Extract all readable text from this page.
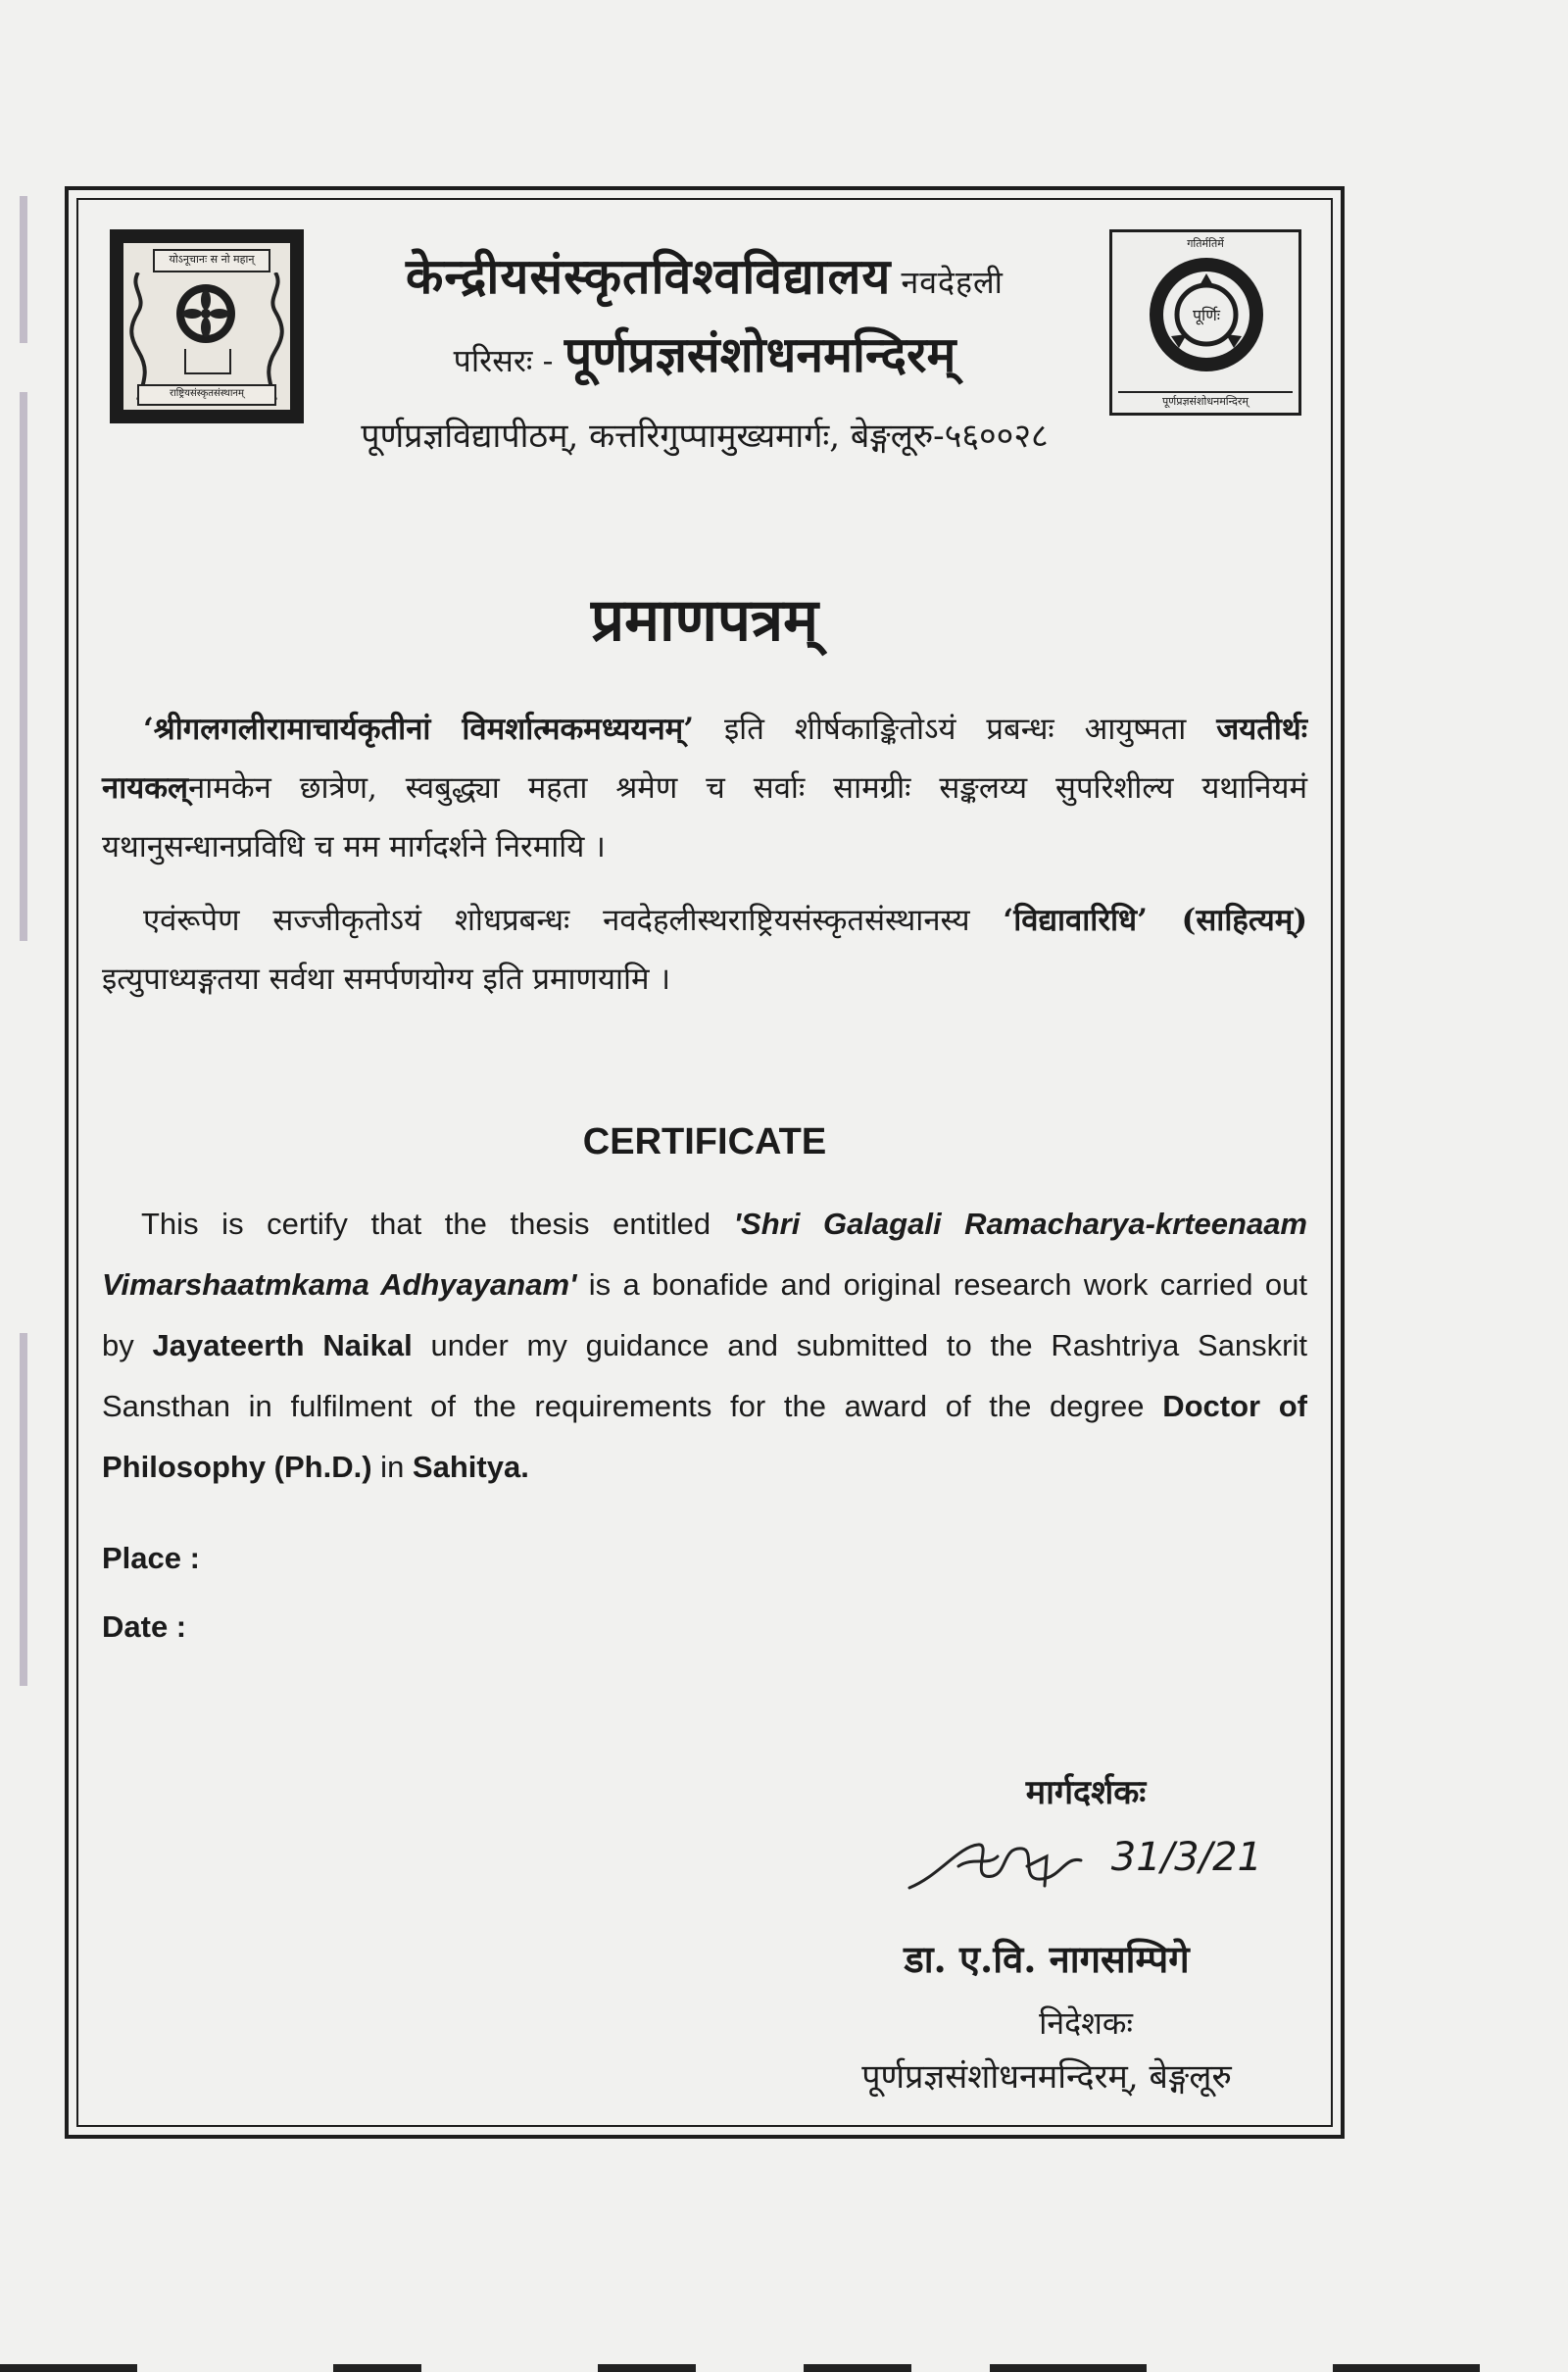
योऽनूचानः स नो महान्
राष्ट्रियसंस्कृतसंस्थानम्
केन्द्रीयसंस्कृतविश्वविद्यालय नवदेहली
परिसरः - पूर्णप्रज्ञसंशोधनमन्दिरम्
पूर्णप्रज्ञविद्यापीठम्, कत्तरिगुप्पामुख्यमार्गः, बेङ्गलूरु-५६००२८
गतिर्मतिर्मे
पूर्णिः
पूर्णप्रज्ञसंशोधनमन्दिरम्
प्रमाणपत्रम्
‘श्रीगलगलीरामाचार्यकृतीनां विमर्शात्मकमध्ययनम्’ इति शीर्षकाङ्कितोऽयं प्रबन्धः आयुष्मता जयतीर्थः नायकल्नामकेन छात्रेण, स्वबुद्ध्या महता श्रमेण च सर्वाः सामग्रीः सङ्कलय्य सुपरिशील्य यथानियमं यथानुसन्धानप्रविधि च मम मार्गदर्शने निरमायि ।
एवंरूपेण सज्जीकृतोऽयं शोधप्रबन्धः नवदेहलीस्थराष्ट्रियसंस्कृतसंस्थानस्य ‘विद्यावारिधि’ (साहित्यम्) इत्युपाध्यङ्गतया सर्वथा समर्पणयोग्य इति प्रमाणयामि ।
CERTIFICATE
This is certify that the thesis entitled 'Shri Galagali Ramacharya-krteenaam Vimarshaatmkama Adhyayanam' is a bonafide and original research work carried out by Jayateerth Naikal under my guidance and submitted to the Rashtriya Sanskrit Sansthan in fulfilment of the requirements for the award of the degree Doctor of Philosophy (Ph.D.) in Sahitya.
Place :
Date :
मार्गदर्शकः
31/3/21
डा. ए.वि. नागसम्पिगे
निदेशकः
पूर्णप्रज्ञसंशोधनमन्दिरम्, बेङ्गलूरु
